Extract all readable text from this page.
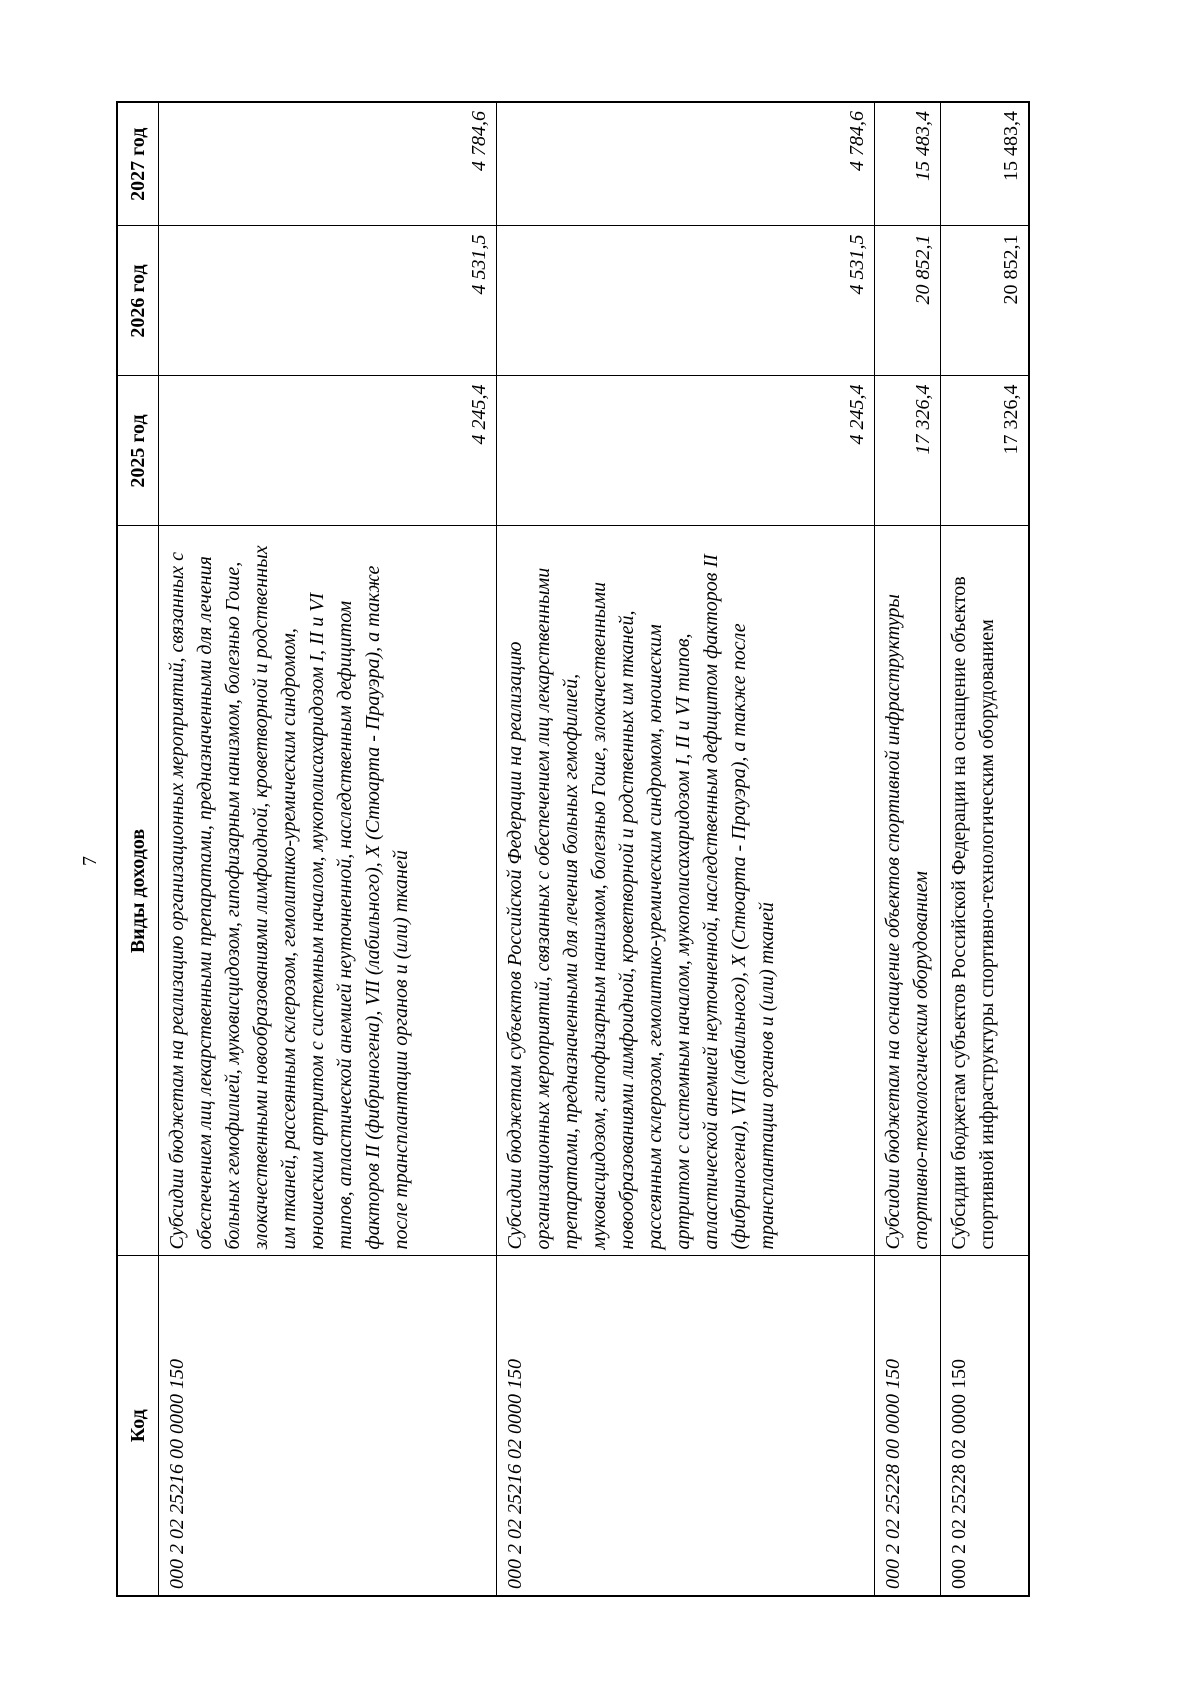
7
Код	Виды доходов	2025 год	2026 год	2027 год
000 2 02 25216 00 0000 150	Субсидии бюджетам на реализацию организационных мероприятий, связанных с обеспечением лиц лекарственными препаратами, предназначенными для лечения больных гемофилией, муковисцидозом, гипофизарным нанизмом, болезнью Гоше, злокачественными новообразованиями лимфоидной, кроветворной и родственных им тканей, рассеянным склерозом, гемолитико-уремическим синдромом, юношеским артритом с системным началом, мукополисахаридозом I, II и VI типов, апластической анемией неуточненной, наследственным дефицитом факторов II (фибриногена), VII (лабильного), X (Стюарта - Прауэра), а также после трансплантации органов и (или) тканей	4 245,4	4 531,5	4 784,6
000 2 02 25216 02 0000 150	Субсидии бюджетам субъектов Российской Федерации на реализацию организационных мероприятий, связанных с обеспечением лиц лекарственными препаратами, предназначенными для лечения больных гемофилией, муковисцидозом, гипофизарным нанизмом, болезнью Гоше, злокачественными новообразованиями лимфоидной, кроветворной и родственных им тканей, рассеянным склерозом, гемолитико-уремическим синдромом, юношеским артритом с системным началом, мукополисахаридозом I, II и VI типов, апластической анемией неуточненной, наследственным дефицитом факторов II (фибриногена), VII (лабильного), X (Стюарта - Прауэра), а также после трансплантации органов и (или) тканей	4 245,4	4 531,5	4 784,6
000 2 02 25228 00 0000 150	Субсидии бюджетам на оснащение объектов спортивной инфраструктуры спортивно-технологическим оборудованием	17 326,4	20 852,1	15 483,4
000 2 02 25228 02 0000 150	Субсидии бюджетам субъектов Российской Федерации на оснащение объектов спортивной инфраструктуры спортивно-технологическим оборудованием	17 326,4	20 852,1	15 483,4
